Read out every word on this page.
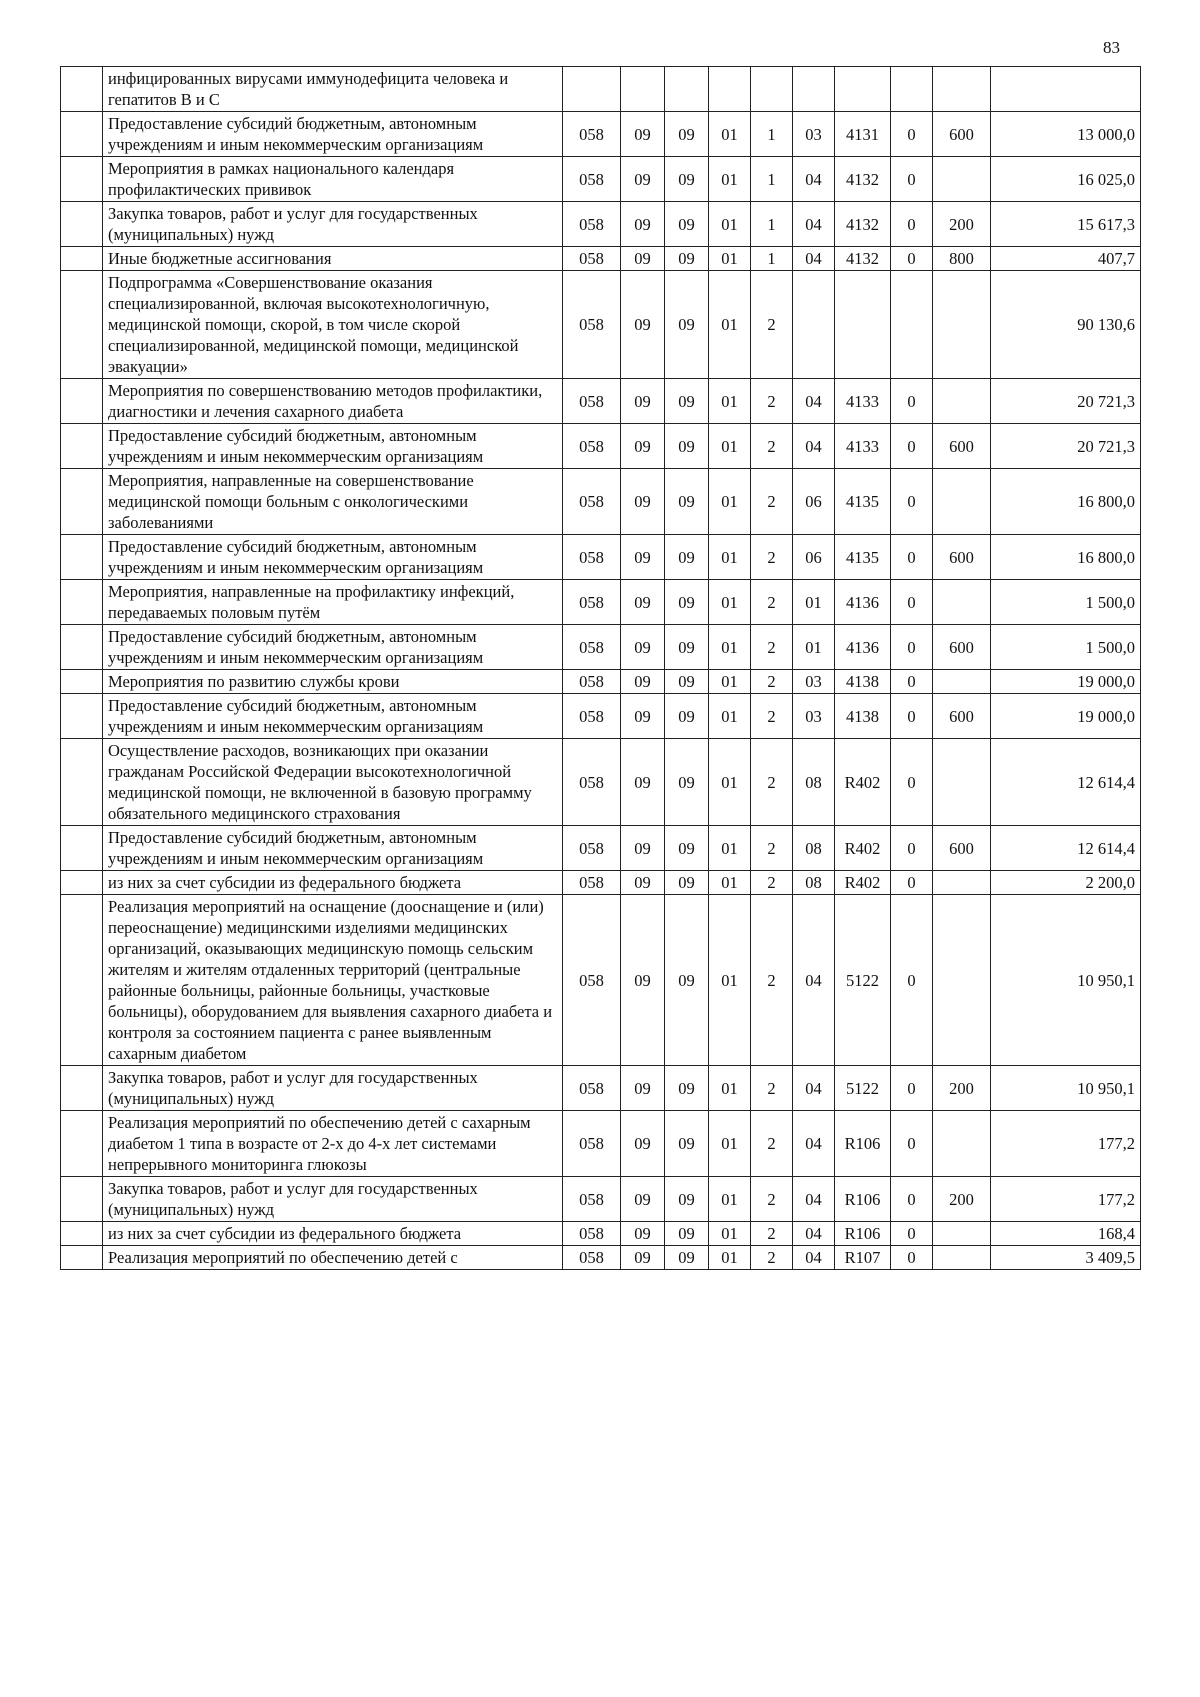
83
	инфицированных вирусами иммунодефицита человека и гепатитов В и С										
	Предоставление субсидий бюджетным, автономным учреждениям и иным некоммерческим организациям	058	09	09	01	1	03	4131	0	600	13 000,0
	Мероприятия в рамках национального календаря профилактических прививок	058	09	09	01	1	04	4132	0		16 025,0
	Закупка товаров, работ и услуг для государственных (муниципальных) нужд	058	09	09	01	1	04	4132	0	200	15 617,3
	Иные бюджетные ассигнования	058	09	09	01	1	04	4132	0	800	407,7
	Подпрограмма «Совершенствование оказания специализированной, включая высокотехнологичную, медицинской помощи, скорой, в том числе скорой специализированной, медицинской помощи, медицинской эвакуации»	058	09	09	01	2					90 130,6
	Мероприятия по совершенствованию методов профилактики, диагностики и лечения сахарного диабета	058	09	09	01	2	04	4133	0		20 721,3
	Предоставление субсидий бюджетным, автономным учреждениям и иным некоммерческим организациям	058	09	09	01	2	04	4133	0	600	20 721,3
	Мероприятия, направленные на совершенствование медицинской помощи больным с онкологическими заболеваниями	058	09	09	01	2	06	4135	0		16 800,0
	Предоставление субсидий бюджетным, автономным учреждениям и иным некоммерческим организациям	058	09	09	01	2	06	4135	0	600	16 800,0
	Мероприятия, направленные на профилактику инфекций, передаваемых половым путём	058	09	09	01	2	01	4136	0		1 500,0
	Предоставление субсидий бюджетным, автономным учреждениям и иным некоммерческим организациям	058	09	09	01	2	01	4136	0	600	1 500,0
	Мероприятия по развитию службы крови	058	09	09	01	2	03	4138	0		19 000,0
	Предоставление субсидий бюджетным, автономным учреждениям и иным некоммерческим организациям	058	09	09	01	2	03	4138	0	600	19 000,0
	Осуществление расходов, возникающих при оказании гражданам Российской Федерации высокотехнологичной медицинской помощи, не включенной в базовую программу обязательного медицинского страхования	058	09	09	01	2	08	R402	0		12 614,4
	Предоставление субсидий бюджетным, автономным учреждениям и иным некоммерческим организациям	058	09	09	01	2	08	R402	0	600	12 614,4
	из них за счет субсидии из федерального бюджета	058	09	09	01	2	08	R402	0		2 200,0
	Реализация мероприятий на оснащение (дооснащение и (или) переоснащение) медицинскими изделиями медицинских организаций, оказывающих медицинскую помощь сельским жителям и жителям отдаленных территорий (центральные районные больницы, районные больницы, участковые больницы), оборудованием для выявления сахарного диабета и контроля за состоянием пациента с ранее выявленным сахарным диабетом	058	09	09	01	2	04	5122	0		10 950,1
	Закупка товаров, работ и услуг для государственных (муниципальных) нужд	058	09	09	01	2	04	5122	0	200	10 950,1
	Реализация мероприятий по обеспечению детей с сахарным диабетом 1 типа в возрасте от 2-х до 4-х лет системами непрерывного мониторинга глюкозы	058	09	09	01	2	04	R106	0		177,2
	Закупка товаров, работ и услуг для государственных (муниципальных) нужд	058	09	09	01	2	04	R106	0	200	177,2
	из них за счет субсидии из федерального бюджета	058	09	09	01	2	04	R106	0		168,4
	Реализация мероприятий по обеспечению детей с	058	09	09	01	2	04	R107	0		3 409,5
